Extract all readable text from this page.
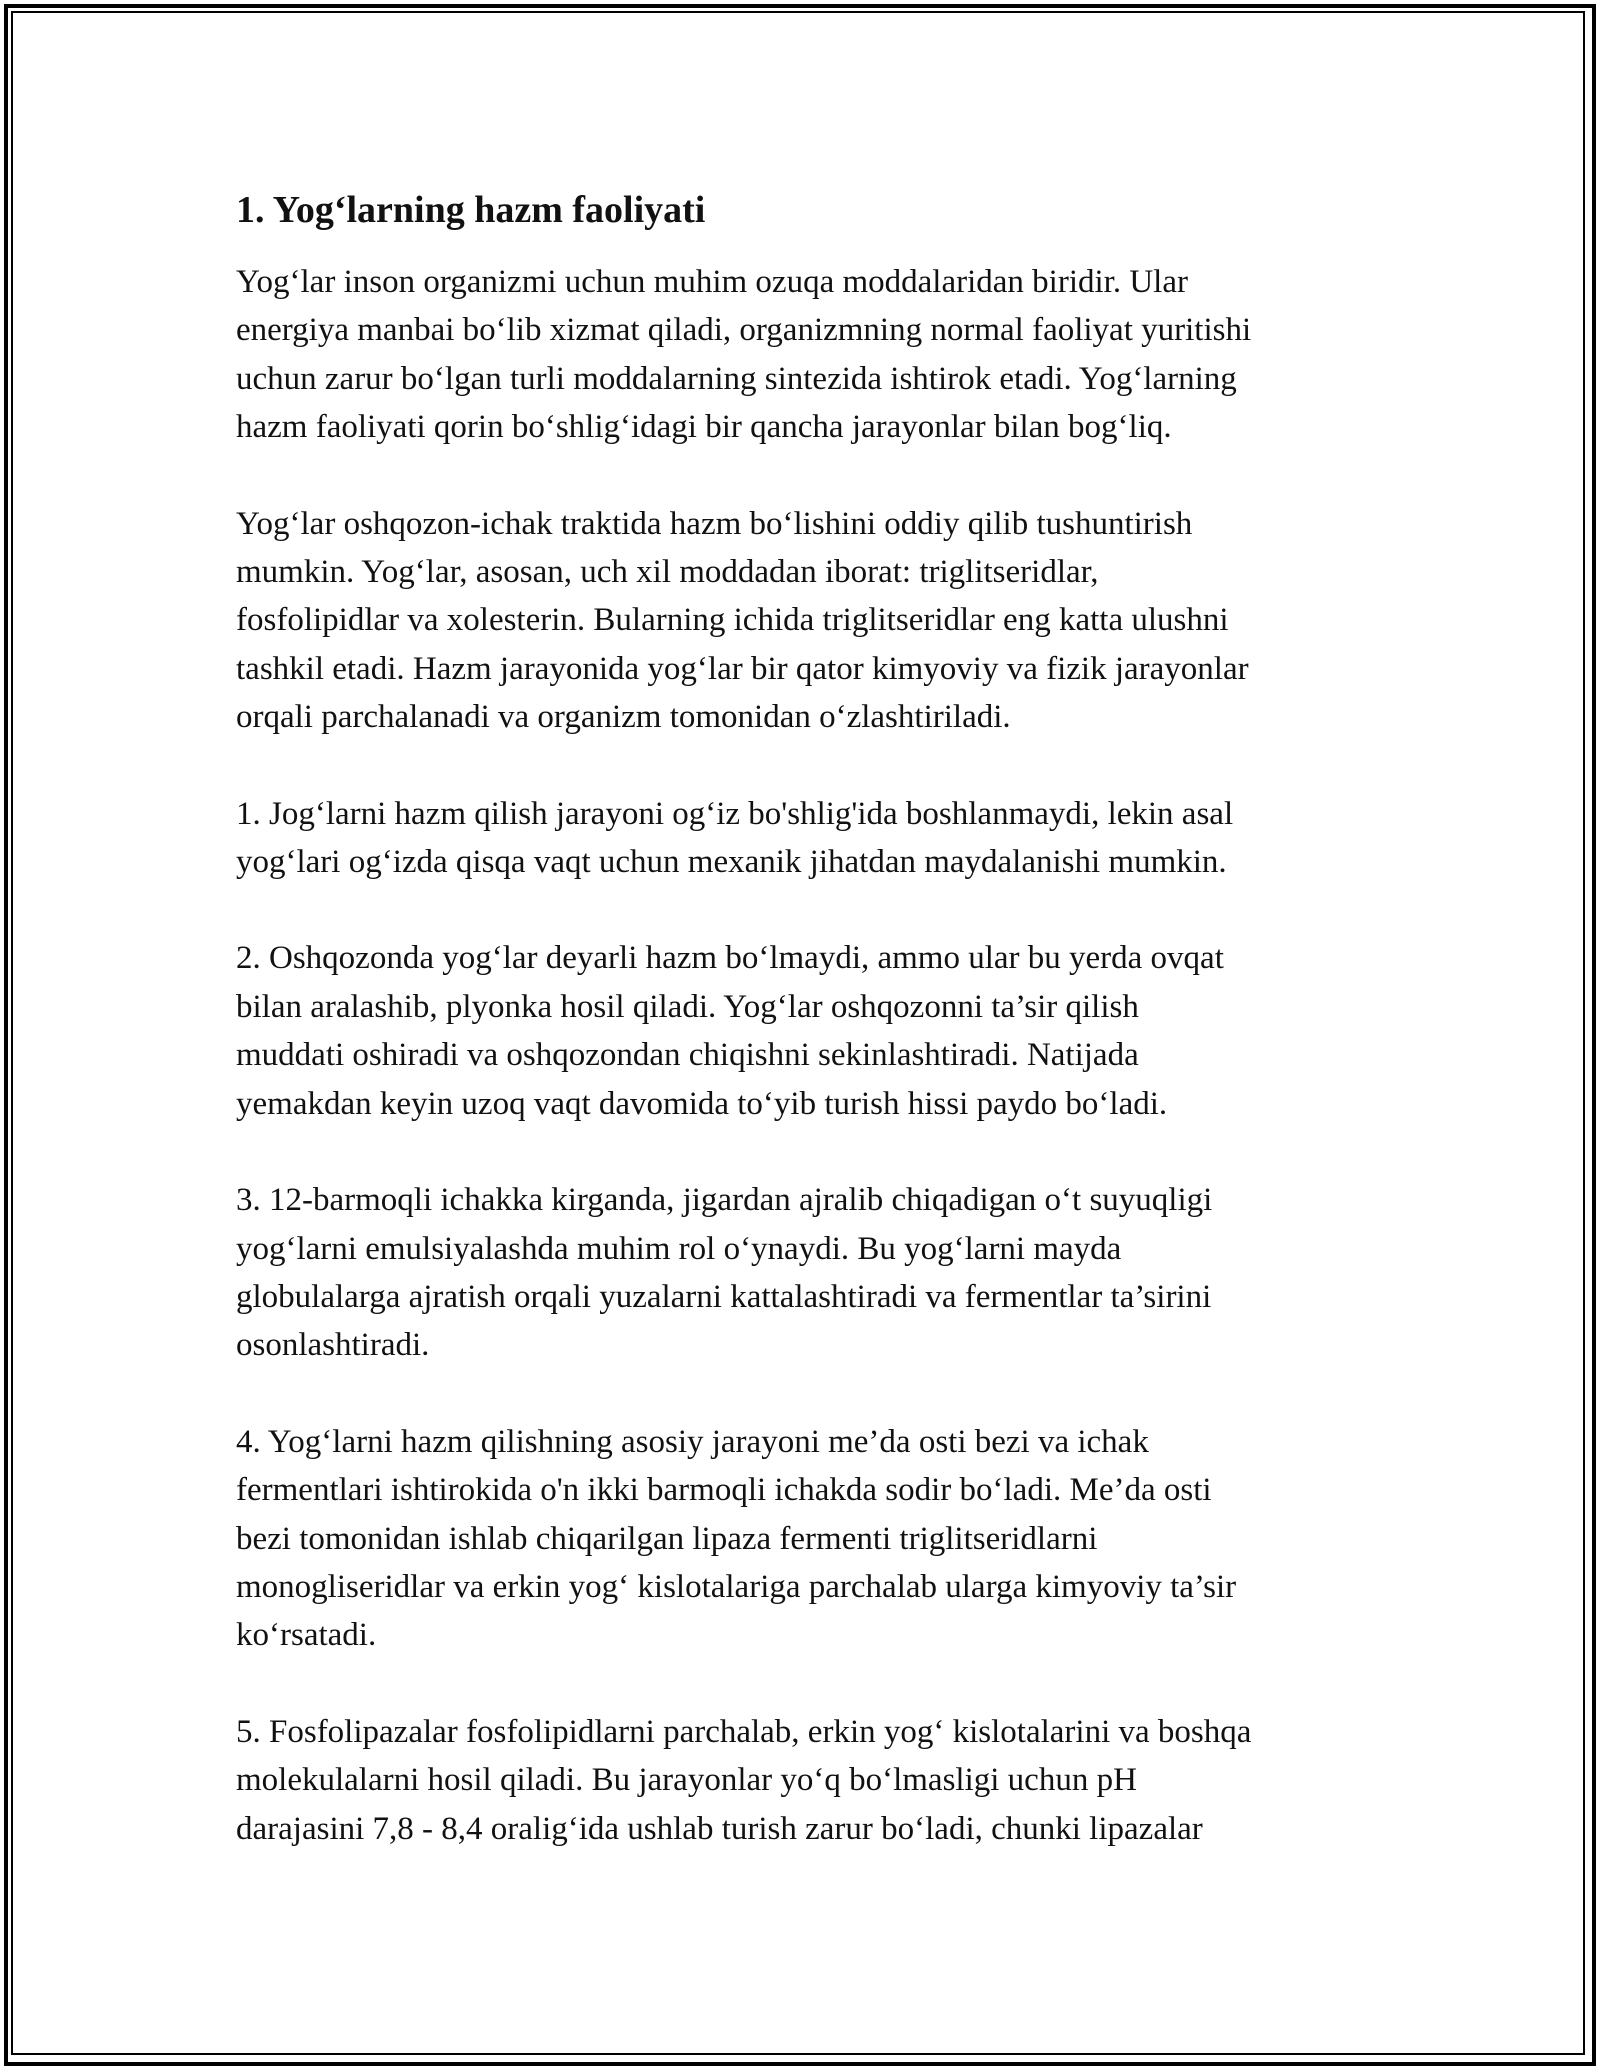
1. Yog‘larning hazm faoliyati

Yog‘lar inson organizmi uchun muhim ozuqa moddalaridan biridir. Ular
energiya manbai bo‘lib xizmat qiladi, organizmning normal faoliyat yuritishi
uchun zarur bo‘lgan turli moddalarning sintezida ishtirok etadi. Yog‘larning
hazm faoliyati qorin bo‘shlig‘idagi bir qancha jarayonlar bilan bog‘liq.

Yog‘lar oshqozon-ichak traktida hazm bo‘lishini oddiy qilib tushuntirish
mumkin. Yog‘lar, asosan, uch xil moddadan iborat: triglitseridlar,
fosfolipidlar va xolesterin. Bularning ichida triglitseridlar eng katta ulushni
tashkil etadi. Hazm jarayonida yog‘lar bir qator kimyoviy va fizik jarayonlar
orqali parchalanadi va organizm tomonidan o‘zlashtiriladi.

1. Jog‘larni hazm qilish jarayoni og‘iz bo'shlig'ida boshlanmaydi, lekin asal
yog‘lari og‘izda qisqa vaqt uchun mexanik jihatdan maydalanishi mumkin.

2. Oshqozonda yog‘lar deyarli hazm bo‘lmaydi, ammo ular bu yerda ovqat
bilan aralashib, plyonka hosil qiladi. Yog‘lar oshqozonni ta’sir qilish
muddati oshiradi va oshqozondan chiqishni sekinlashtiradi. Natijada
yemakdan keyin uzoq vaqt davomida to‘yib turish hissi paydo bo‘ladi.

3. 12-barmoqli ichakka kirganda, jigardan ajralib chiqadigan o‘t suyuqligi
yog‘larni emulsiyalashda muhim rol o‘ynaydi. Bu yog‘larni mayda
globulalarga ajratish orqali yuzalarni kattalashtiradi va fermentlar ta’sirini
osonlashtiradi.

4. Yog‘larni hazm qilishning asosiy jarayoni me’da osti bezi va ichak
fermentlari ishtirokida o'n ikki barmoqli ichakda sodir bo‘ladi. Me’da osti
bezi tomonidan ishlab chiqarilgan lipaza fermenti triglitseridlarni
monogliseridlar va erkin yog‘ kislotalariga parchalab ularga kimyoviy ta’sir
ko‘rsatadi.

5. Fosfolipazalar fosfolipidlarni parchalab, erkin yog‘ kislotalarini va boshqa
molekulalarni hosil qiladi. Bu jarayonlar yo‘q bo‘lmasligi uchun pH
darajasini 7,8 - 8,4 oralig‘ida ushlab turish zarur bo‘ladi, chunki lipazalar
